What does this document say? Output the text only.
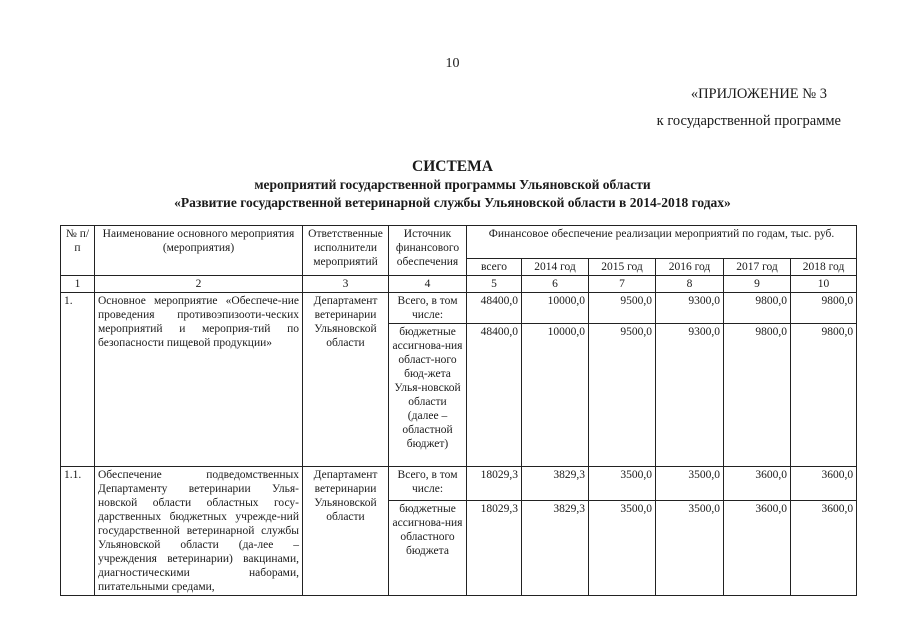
10
«ПРИЛОЖЕНИЕ № 3
к государственной программе
СИСТЕМА
мероприятий государственной программы Ульяновской области
«Развитие государственной ветеринарной службы Ульяновской области в 2014-2018 годах»
№ п/п	Наименование основного мероприятия (мероприятия)	Ответственные исполнители мероприятий	Источник финансового обеспечения	Финансовое обеспечение реализации мероприятий по годам, тыс. руб.					
				всего	2014 год	2015 год	2016 год	2017 год	2018 год
1	2	3	4	5	6	7	8	9	10
1.	Основное мероприятие «Обеспече-ние проведения противоэпизооти-ческих мероприятий и мероприя-тий по безопасности пищевой продукции»	Департамент ветеринарии Ульяновской области	Всего, в том числе:	48400,0	10000,0	9500,0	9300,0	9800,0	9800,0
			бюджетные ассигнова-ния област-ного бюд-жета Улья-новской области (далее – областной бюджет)	48400,0	10000,0	9500,0	9300,0	9800,0	9800,0
1.1.	Обеспечение подведомственных Департаменту ветеринарии Улья-новской области областных госу-дарственных бюджетных учрежде-ний государственной ветеринарной службы Ульяновской области (да-лее – учреждения ветеринарии) вакцинами, диагностическими наборами, питательными средами,	Департамент ветеринарии Ульяновской области	Всего, в том числе:	18029,3	3829,3	3500,0	3500,0	3600,0	3600,0
			бюджетные ассигнова-ния областного бюджета	18029,3	3829,3	3500,0	3500,0	3600,0	3600,0
